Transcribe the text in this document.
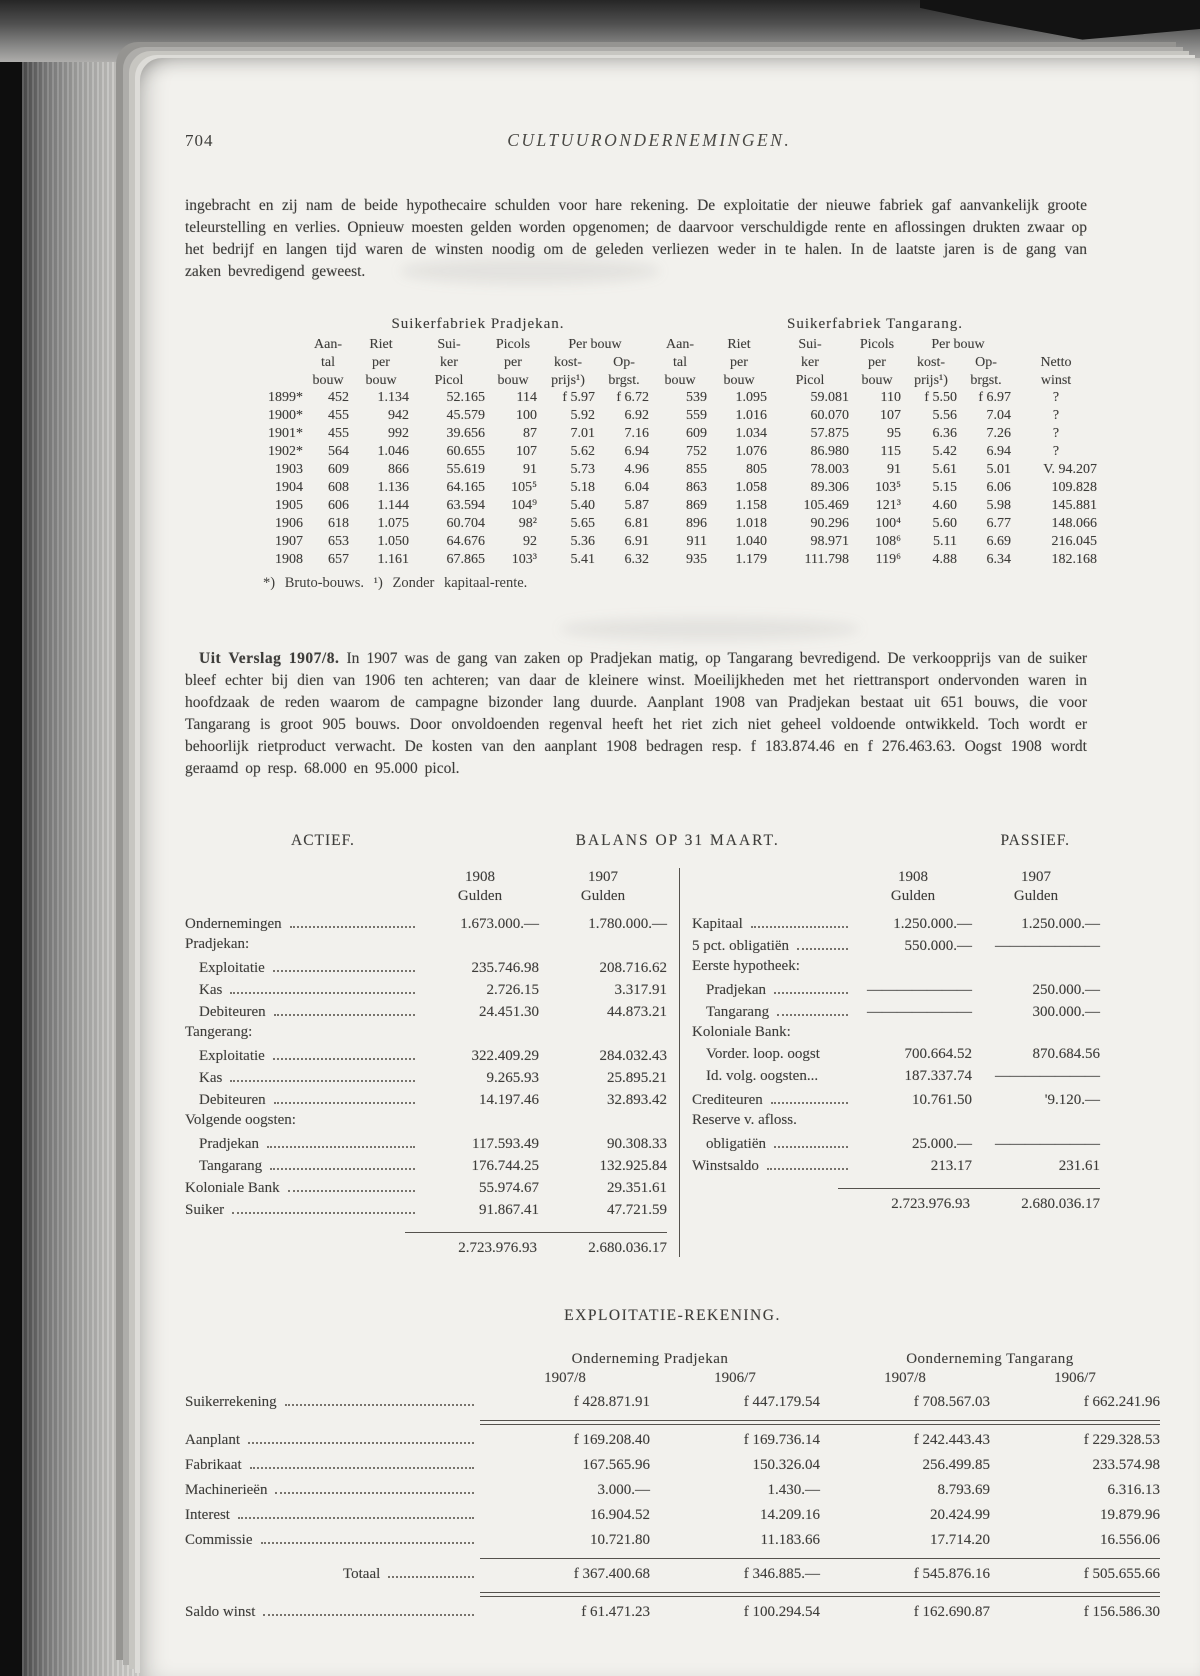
704	CULTUURONDERNEMINGEN.

ingebracht en zij nam de beide hypothecaire schulden voor hare rekening. De exploitatie der nieuwe fabriek gaf aanvankelijk groote teleurstelling en verlies. Opnieuw moesten gelden worden opgenomen; de daarvoor verschuldigde rente en aflossingen drukten zwaar op het bedrijf en langen tijd waren de winsten noodig om de geleden verliezen weder in te halen. In de laatste jaren is de gang van zaken bevredigend geweest.

	Suikerfabriek Pradjekan.						Suikerfabriek Tangarang.						
	Aan-	Riet	Sui-	Picols	Per bouw		Aan-	Riet	Sui-	Picols	Per bouw		
	tal	per	ker	per	kost-	Op-	tal	per	ker	per	kost-	Op-	Netto
	bouw	bouw	Picol	bouw	prijs¹)	brgst.	bouw	bouw	Picol	bouw	prijs¹)	brgst.	winst
1899*	452	1.134	52.165	114	f 5.97	f 6.72	539	1.095	59.081	110	f 5.50	f 6.97	?
1900*	455	942	45.579	100	5.92	6.92	559	1.016	60.070	107	5.56	7.04	?
1901*	455	992	39.656	87	7.01	7.16	609	1.034	57.875	95	6.36	7.26	?
1902*	564	1.046	60.655	107	5.62	6.94	752	1.076	86.980	115	5.42	6.94	?
1903	609	866	55.619	91	5.73	4.96	855	805	78.003	91	5.61	5.01	V. 94.207
1904	608	1.136	64.165	105⁵	5.18	6.04	863	1.058	89.306	103⁵	5.15	6.06	109.828
1905	606	1.144	63.594	104⁹	5.40	5.87	869	1.158	105.469	121³	4.60	5.98	145.881
1906	618	1.075	60.704	98²	5.65	6.81	896	1.018	90.296	100⁴	5.60	6.77	148.066
1907	653	1.050	64.676	92	5.36	6.91	911	1.040	98.971	108⁶	5.11	6.69	216.045
1908	657	1.161	67.865	103³	5.41	6.32	935	1.179	111.798	119⁶	4.88	6.34	182.168

*) Bruto-bouws. ¹) Zonder kapitaal-rente.

Uit Verslag 1907/8. In 1907 was de gang van zaken op Pradjekan matig, op Tangarang bevredigend. De verkoopprijs van de suiker bleef echter bij dien van 1906 ten achteren; van daar de kleinere winst. Moeilijkheden met het riettransport ondervonden waren in hoofdzaak de reden waarom de campagne bizonder lang duurde. Aanplant 1908 van Pradjekan bestaat uit 651 bouws, die voor Tangarang is groot 905 bouws. Door onvoldoenden regenval heeft het riet zich niet geheel voldoende ontwikkeld. Toch wordt er behoorlijk rietproduct verwacht. De kosten van den aanplant 1908 bedragen resp. f 183.874.46 en f 276.463.63. Oogst 1908 wordt geraamd op resp. 68.000 en 95.000 picol.

ACTIEF.	BALANS OP 31 MAART.	PASSIEF.
1908
Gulden
1907
Gulden
Ondernemingen	1.673.000.—	1.780.000.—
Pradjekan:
Exploitatie	235.746.98	208.716.62
Kas	2.726.15	3.317.91
Debiteuren	24.451.30	44.873.21
Tangerang:
Exploitatie	322.409.29	284.032.43
Kas	9.265.93	25.895.21
Debiteuren	14.197.46	32.893.42
Volgende oogsten:
Pradjekan	117.593.49	90.308.33
Tangarang	176.744.25	132.925.84
Koloniale Bank	55.974.67	29.351.61
Suiker	91.867.41	47.721.59
2.723.976.93	2.680.036.17
1908
Gulden
1907
Gulden
Kapitaal	1.250.000.—	1.250.000.—
5 pct. obligatiën	550.000.—	———————
Eerste hypotheek:
Pradjekan	———————	250.000.—
Tangarang	———————	300.000.—
Koloniale Bank:
Vorder. loop. oogst	700.664.52	870.684.56
Id. volg. oogsten...	187.337.74	———————
Crediteuren	10.761.50	'9.120.—
Reserve v. afloss.
obligatiën	25.000.—	———————
Winstsaldo	213.17	231.61
2.723.976.93	2.680.036.17
EXPLOITATIE-REKENING.
Onderneming Pradjekan	Oonderneming Tangarang
1907/8	1906/7	1907/8	1906/7
Suikerrekening	f 428.871.91	f 447.179.54	f 708.567.03	f 662.241.96
Aanplant	f 169.208.40	f 169.736.14	f 242.443.43	f 229.328.53
Fabrikaat	167.565.96	150.326.04	256.499.85	233.574.98
Machinerieën	3.000.—	1.430.—	8.793.69	6.316.13
Interest	16.904.52	14.209.16	20.424.99	19.879.96
Commissie	10.721.80	11.183.66	17.714.20	16.556.06
Totaal	f 367.400.68	f 346.885.—	f 545.876.16	f 505.655.66
Saldo winst	f 61.471.23	f 100.294.54	f 162.690.87	f 156.586.30
